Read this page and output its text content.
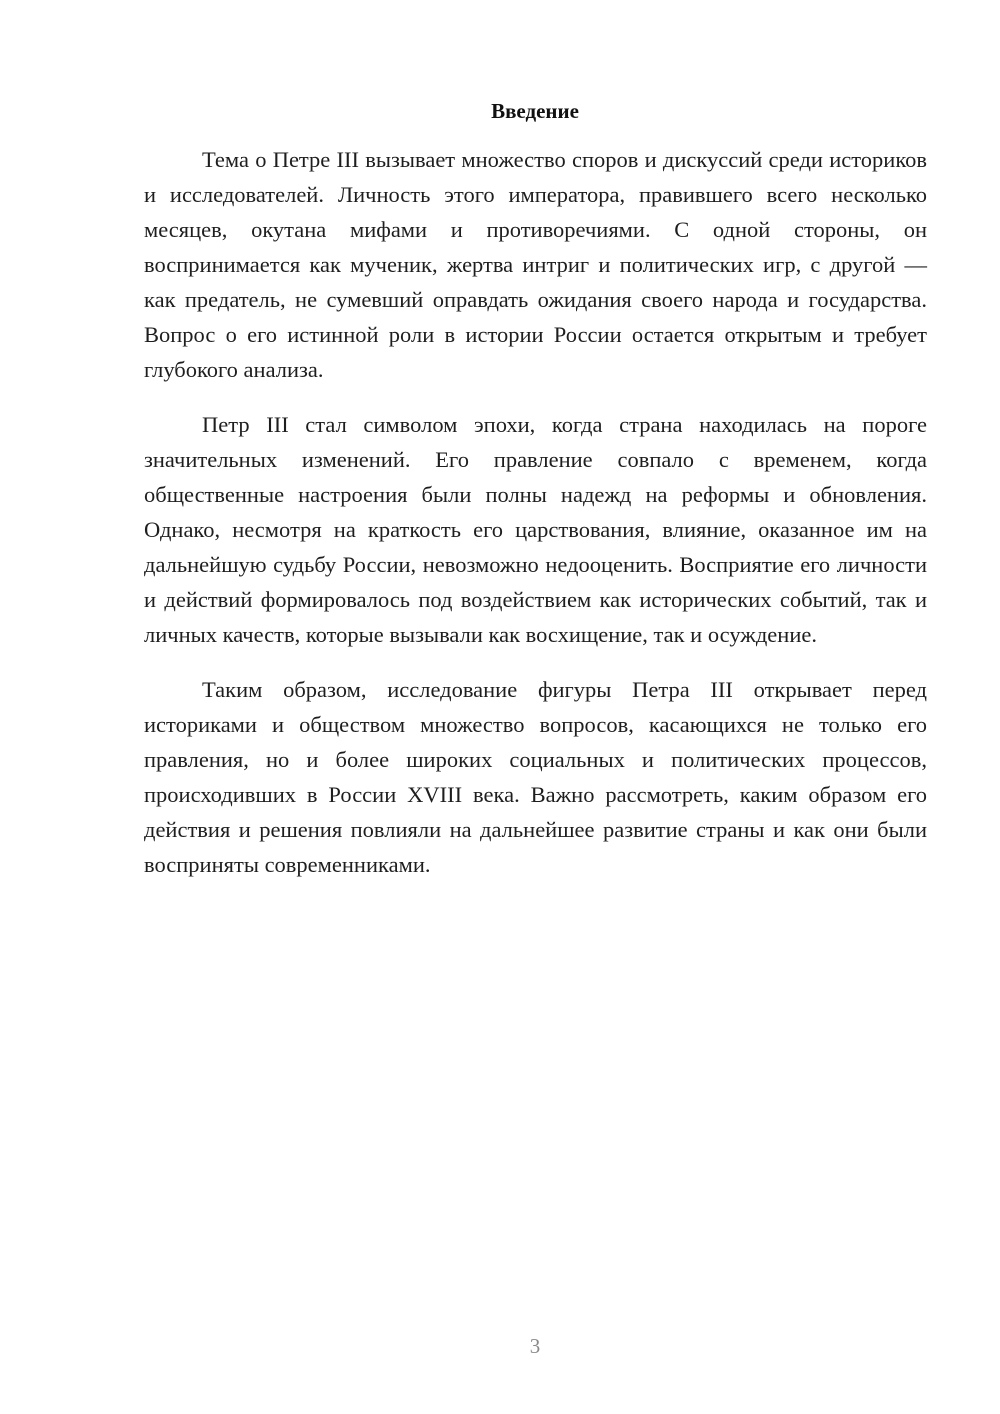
Введение

Тема о Петре III вызывает множество споров и дискуссий среди историков и исследователей. Личность этого императора, правившего всего несколько месяцев, окутана мифами и противоречиями. С одной стороны, он воспринимается как мученик, жертва интриг и политических игр, с другой — как предатель, не сумевший оправдать ожидания своего народа и государства. Вопрос о его истинной роли в истории России остается открытым и требует глубокого анализа.

Петр III стал символом эпохи, когда страна находилась на пороге значительных изменений. Его правление совпало с временем, когда общественные настроения были полны надежд на реформы и обновления. Однако, несмотря на краткость его царствования, влияние, оказанное им на дальнейшую судьбу России, невозможно недооценить. Восприятие его личности и действий формировалось под воздействием как исторических событий, так и личных качеств, которые вызывали как восхищение, так и осуждение.

Таким образом, исследование фигуры Петра III открывает перед историками и обществом множество вопросов, касающихся не только его правления, но и более широких социальных и политических процессов, происходивших в России XVIII века. Важно рассмотреть, каким образом его действия и решения повлияли на дальнейшее развитие страны и как они были восприняты современниками.

3
